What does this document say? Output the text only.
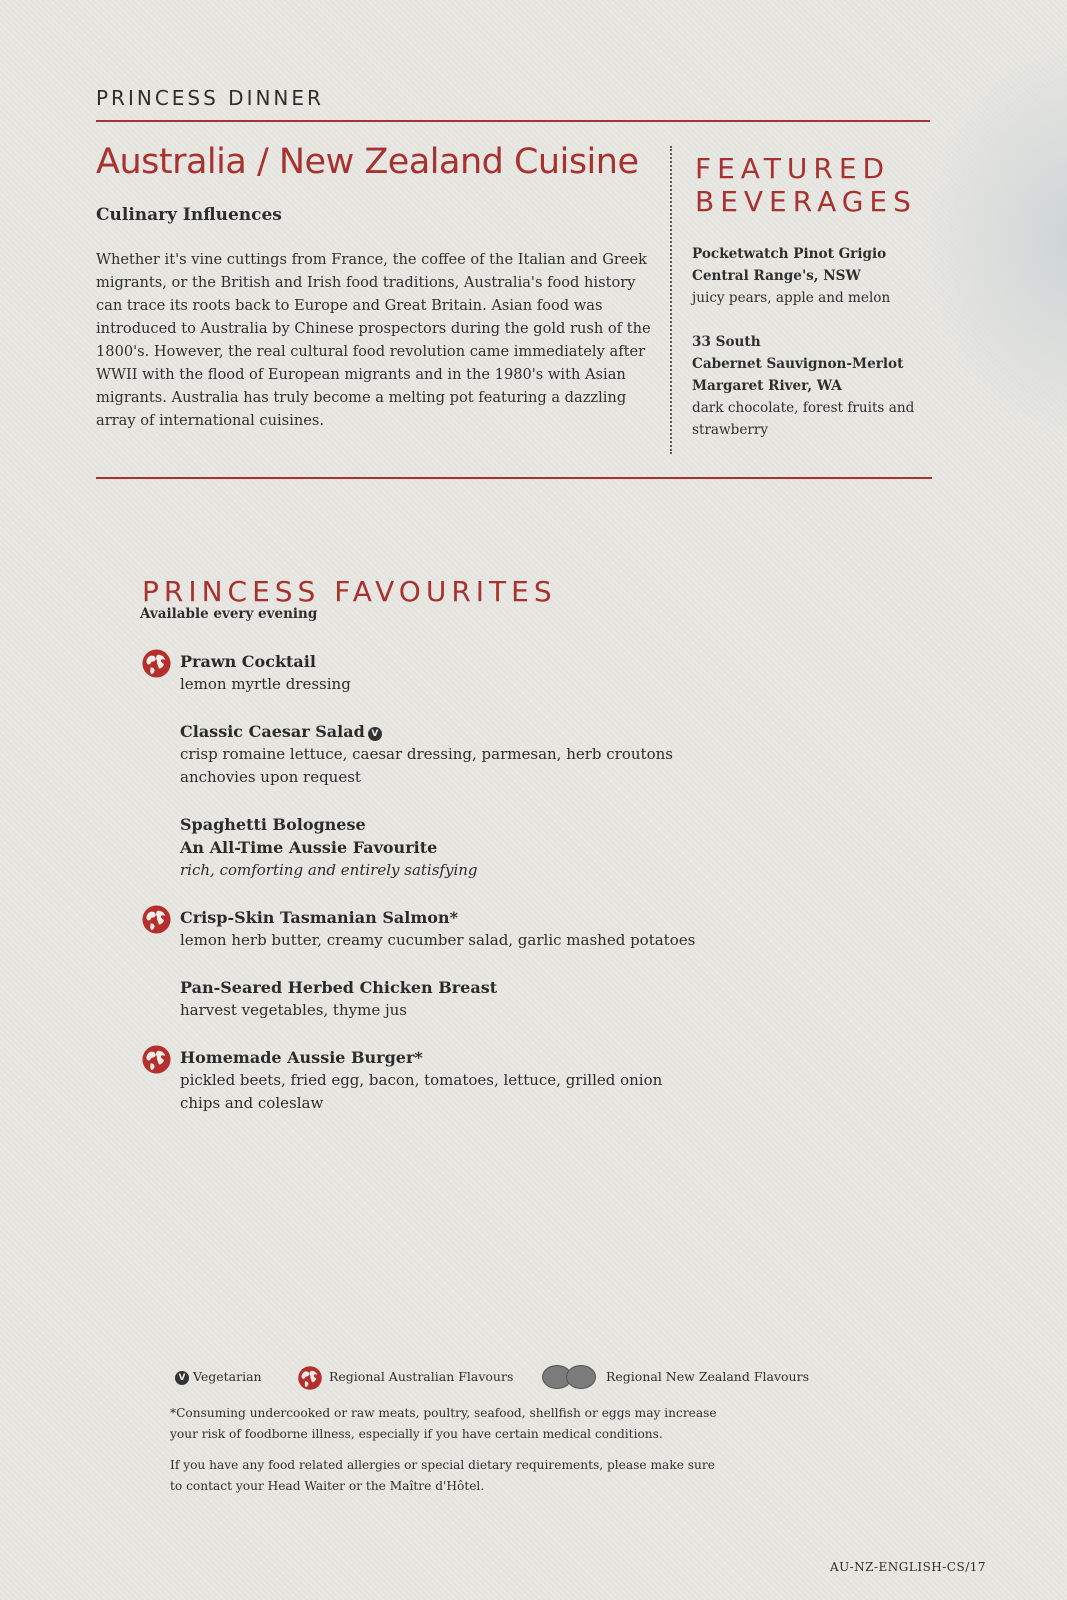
PRINCESS DINNER
Australia / New Zealand Cuisine
Culinary Influences
Whether it's vine cuttings from France, the coffee of the Italian and Greek migrants, or the British and Irish food traditions, Australia's food history can trace its roots back to Europe and Great Britain. Asian food was introduced to Australia by Chinese prospectors during the gold rush of the 1800's. However, the real cultural food revolution came immediately after WWII with the flood of European migrants and in the 1980's with Asian migrants. Australia has truly become a melting pot featuring a dazzling array of international cuisines.
FEATURED
BEVERAGES
Pocketwatch Pinot Grigio
Central Range's, NSW
juicy pears, apple and melon
33 South
Cabernet Sauvignon-Merlot
Margaret River, WA
dark chocolate, forest fruits and strawberry
PRINCESS FAVOURITES
Available every evening
Prawn Cocktail
lemon myrtle dressing
Classic Caesar Salad V
crisp romaine lettuce, caesar dressing, parmesan, herb croutons
anchovies upon request
Spaghetti Bolognese
An All-Time Aussie Favourite
rich, comforting and entirely satisfying
Crisp-Skin Tasmanian Salmon*
lemon herb butter, creamy cucumber salad, garlic mashed potatoes
Pan-Seared Herbed Chicken Breast
harvest vegetables, thyme jus
Homemade Aussie Burger*
pickled beets, fried egg, bacon, tomatoes, lettuce, grilled onion
chips and coleslaw
V Vegetarian	Regional Australian Flavours	Regional New Zealand Flavours

*Consuming undercooked or raw meats, poultry, seafood, shellfish or eggs may increase your risk of foodborne illness, especially if you have certain medical conditions.

If you have any food related allergies or special dietary requirements, please make sure to contact your Head Waiter or the Maître d'Hôtel.

AU-NZ-ENGLISH-CS/17
